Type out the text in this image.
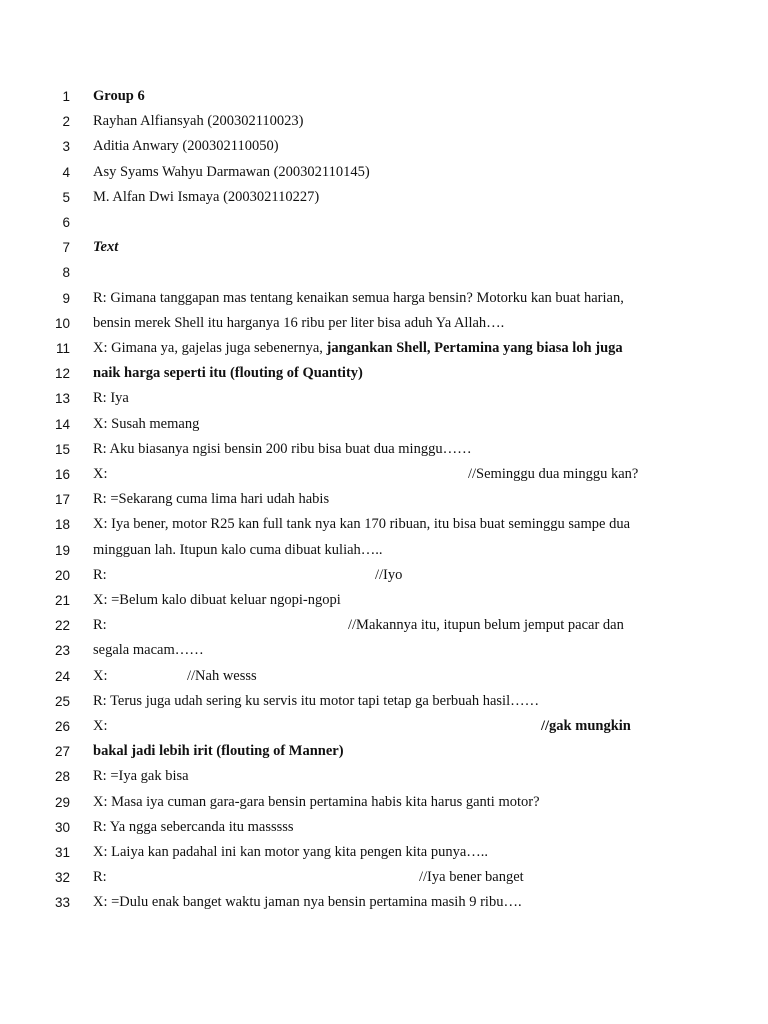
1 Group 6
2 Rayhan Alfiansyah (200302110023)
3 Aditia Anwary (200302110050)
4 Asy Syams Wahyu Darmawan (200302110145)
5 M. Alfan Dwi Ismaya (200302110227)
6
7 Text
8
9 R: Gimana tanggapan mas tentang kenaikan semua harga bensin? Motorku kan buat harian,
10 bensin merek Shell itu harganya 16 ribu per liter bisa aduh Ya Allah….
11 X: Gimana ya, gajelas juga sebenernya, jangankan Shell, Pertamina yang biasa loh juga
12 naik harga seperti itu (flouting of Quantity)
13 R: Iya
14 X: Susah memang
15 R: Aku biasanya ngisi bensin 200 ribu bisa buat dua minggu……
16 X:	//Seminggu dua minggu kan?
17 R: =Sekarang cuma lima hari udah habis
18 X: Iya bener, motor R25 kan full tank nya kan 170 ribuan, itu bisa buat seminggu sampe dua
19 mingguan lah. Itupun kalo cuma dibuat kuliah…..
20 R:	//Iyo
21 X: =Belum kalo dibuat keluar ngopi-ngopi
22 R:	//Makannya itu, itupun belum jemput pacar dan
23 segala macam……
24 X:	//Nah wesss
25 R: Terus juga udah sering ku servis itu motor tapi tetap ga berbuah hasil……
26 X:	//gak mungkin
27 bakal jadi lebih irit (flouting of Manner)
28 R: =Iya gak bisa
29 X: Masa iya cuman gara-gara bensin pertamina habis kita harus ganti motor?
30 R: Ya ngga sebercanda itu masssss
31 X: Laiya kan padahal ini kan motor yang kita pengen kita punya…..
32 R:	//Iya bener banget
33 X: =Dulu enak banget waktu jaman nya bensin pertamina masih 9 ribu….
